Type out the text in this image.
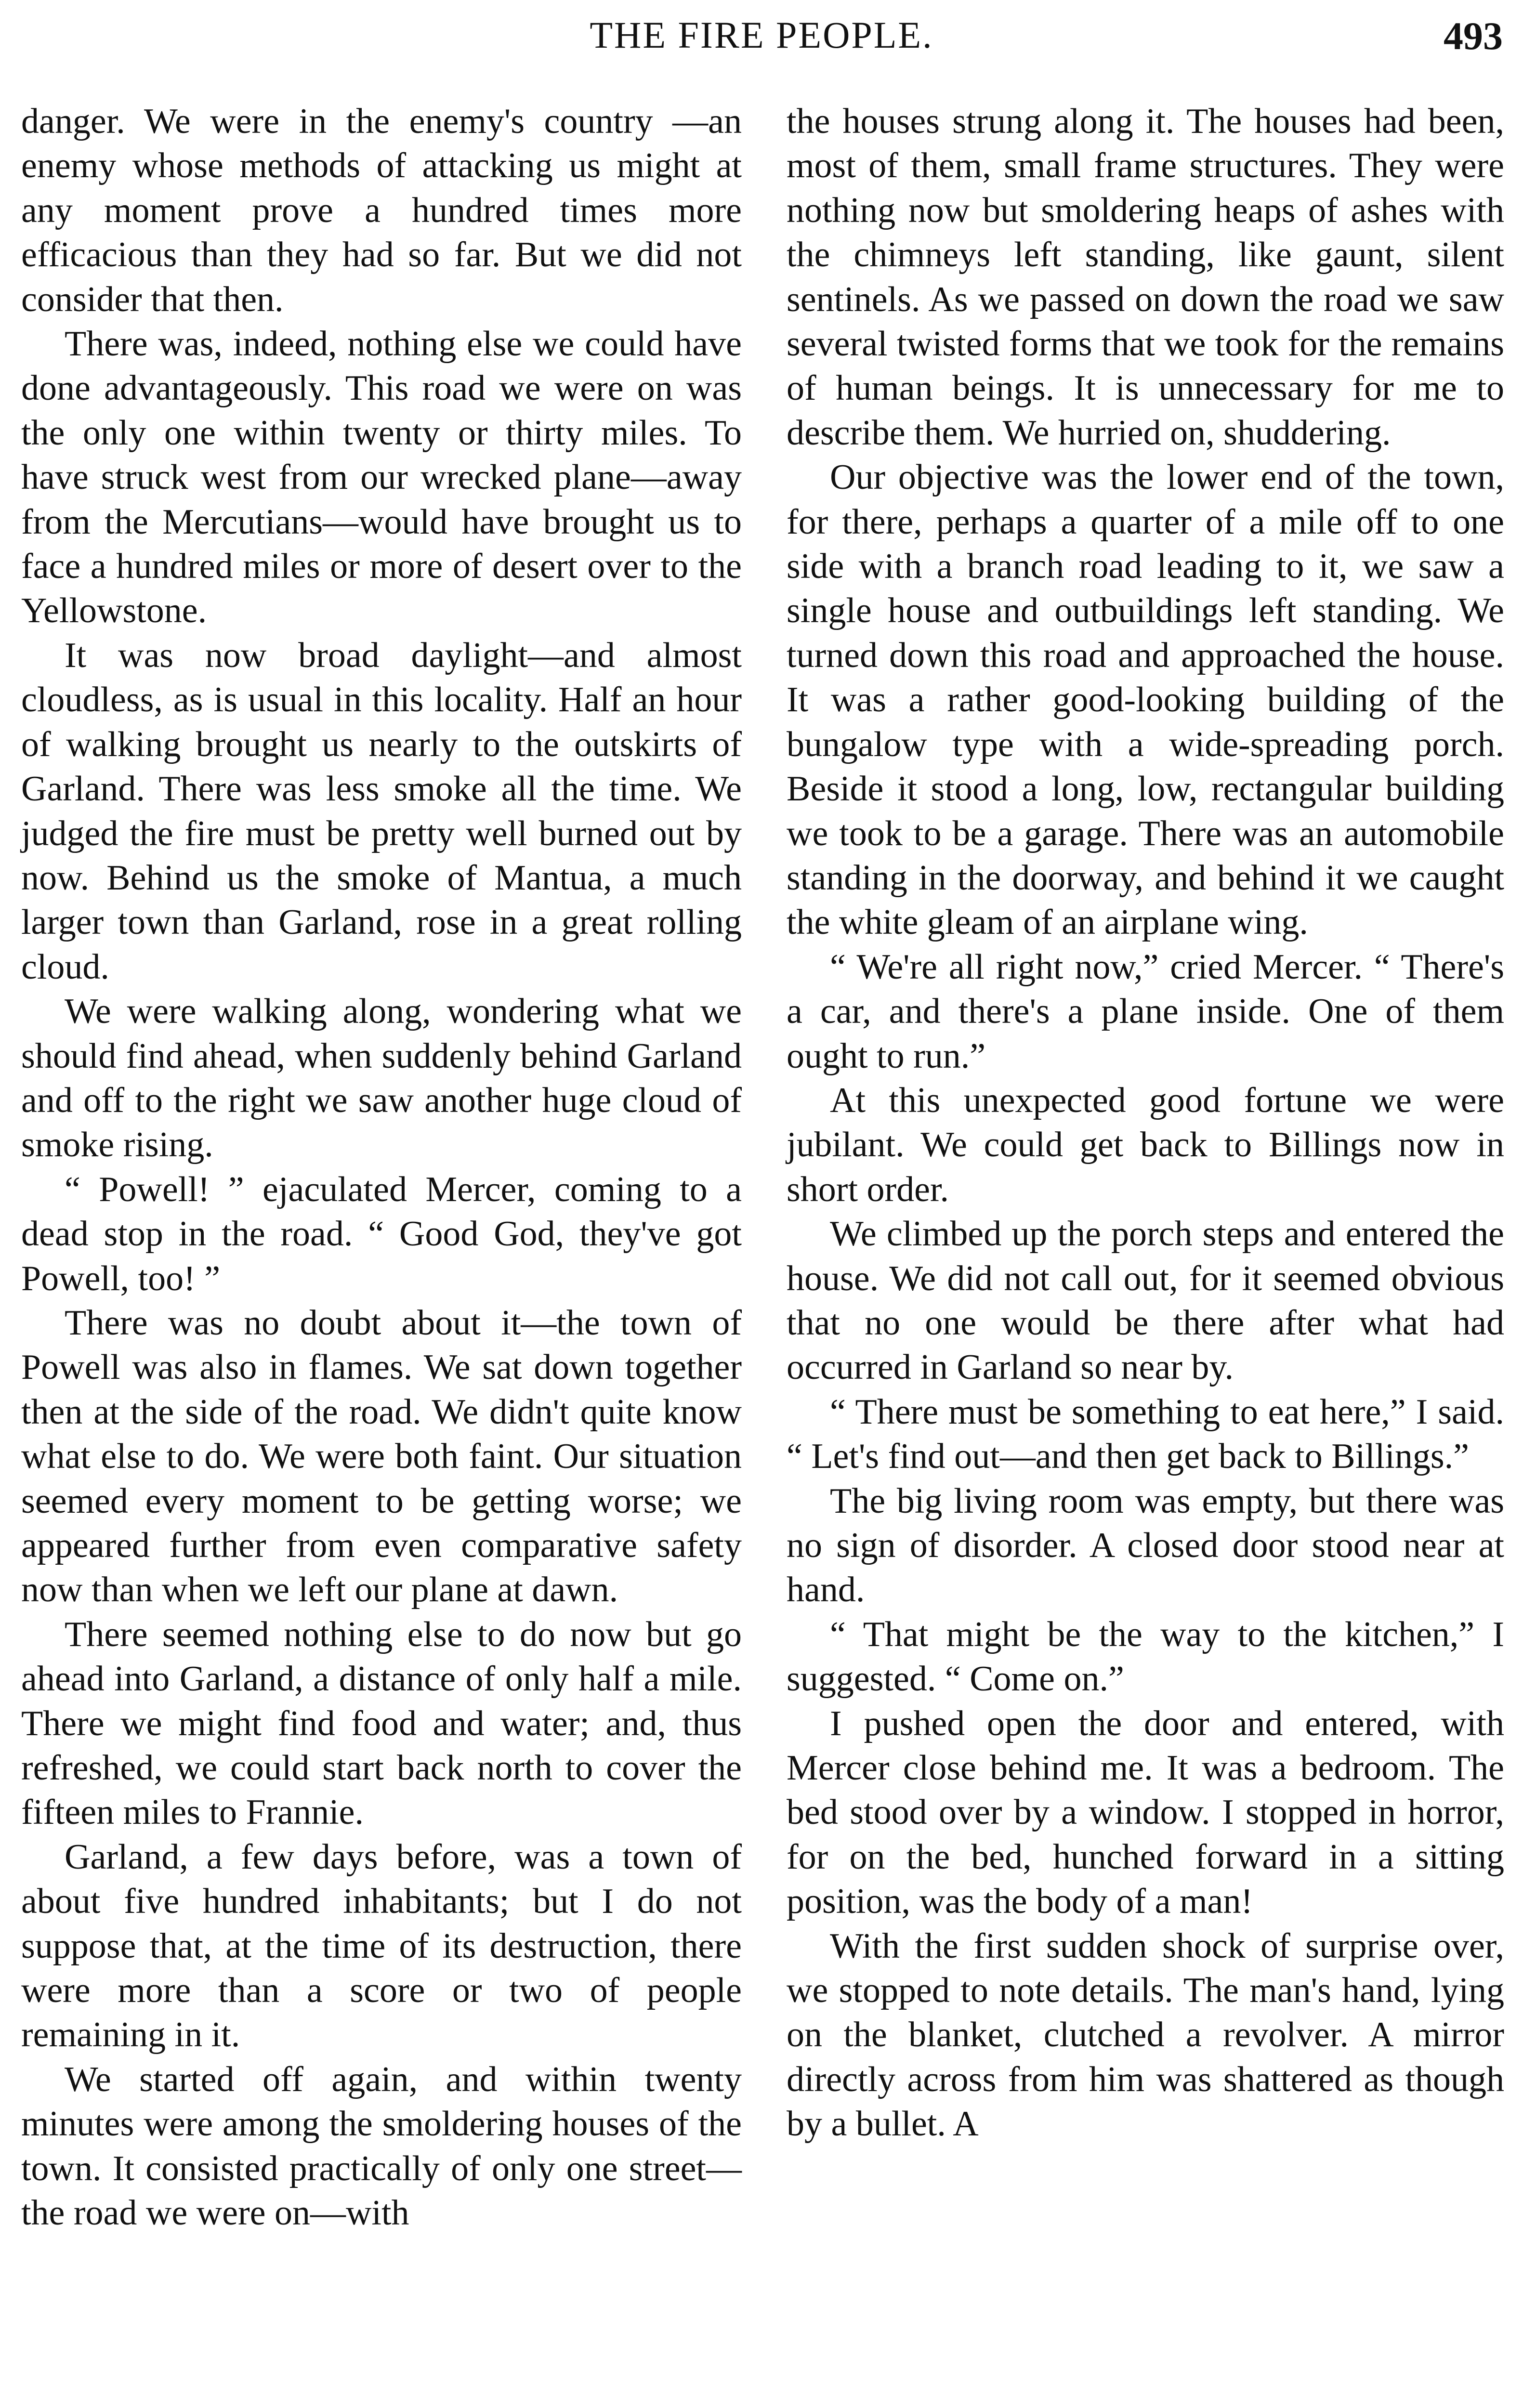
THE FIRE PEOPLE.	493

danger. We were in the enemy's country —an enemy whose methods of attacking us might at any moment prove a hundred times more efficacious than they had so far. But we did not consider that then.

There was, indeed, nothing else we could have done advantageously. This road we were on was the only one within twenty or thirty miles. To have struck west from our wrecked plane—away from the Mercutians—would have brought us to face a hundred miles or more of desert over to the Yellowstone.

It was now broad daylight—and almost cloudless, as is usual in this locality. Half an hour of walking brought us nearly to the outskirts of Garland. There was less smoke all the time. We judged the fire must be pretty well burned out by now. Behind us the smoke of Mantua, a much larger town than Garland, rose in a great rolling cloud.

We were walking along, wondering what we should find ahead, when suddenly behind Garland and off to the right we saw another huge cloud of smoke rising.

“ Powell! ” ejaculated Mercer, coming to a dead stop in the road. “ Good God, they've got Powell, too! ”

There was no doubt about it—the town of Powell was also in flames. We sat down together then at the side of the road. We didn't quite know what else to do. We were both faint. Our situation seemed every moment to be getting worse; we appeared further from even comparative safety now than when we left our plane at dawn.

There seemed nothing else to do now but go ahead into Garland, a distance of only half a mile. There we might find food and water; and, thus refreshed, we could start back north to cover the fifteen miles to Frannie.

Garland, a few days before, was a town of about five hundred inhabitants; but I do not suppose that, at the time of its destruction, there were more than a score or two of people remaining in it.

We started off again, and within twenty minutes were among the smoldering houses of the town. It consisted practically of only one street—the road we were on—with

the houses strung along it. The houses had been, most of them, small frame structures. They were nothing now but smoldering heaps of ashes with the chimneys left standing, like gaunt, silent sentinels. As we passed on down the road we saw several twisted forms that we took for the remains of human beings. It is unnecessary for me to describe them. We hurried on, shuddering.

Our objective was the lower end of the town, for there, perhaps a quarter of a mile off to one side with a branch road leading to it, we saw a single house and outbuildings left standing. We turned down this road and approached the house. It was a rather good-looking building of the bungalow type with a wide-spreading porch. Beside it stood a long, low, rectangular building we took to be a garage. There was an automobile standing in the doorway, and behind it we caught the white gleam of an airplane wing.

“ We're all right now,” cried Mercer. “ There's a car, and there's a plane inside. One of them ought to run.”

At this unexpected good fortune we were jubilant. We could get back to Billings now in short order.

We climbed up the porch steps and entered the house. We did not call out, for it seemed obvious that no one would be there after what had occurred in Garland so near by.

“ There must be something to eat here,” I said. “ Let's find out—and then get back to Billings.”

The big living room was empty, but there was no sign of disorder. A closed door stood near at hand.

“ That might be the way to the kitchen,” I suggested. “ Come on.”

I pushed open the door and entered, with Mercer close behind me. It was a bedroom. The bed stood over by a window. I stopped in horror, for on the bed, hunched forward in a sitting position, was the body of a man!

With the first sudden shock of surprise over, we stopped to note details. The man's hand, lying on the blanket, clutched a revolver. A mirror directly across from him was shattered as though by a bullet. A
